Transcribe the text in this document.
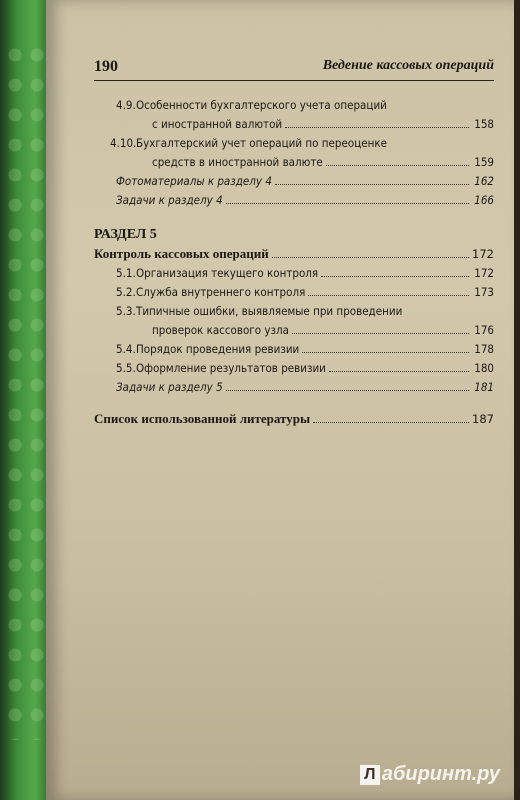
190	Ведение кассовых операций
4.9. Особенности бухгалтерского учета операций
с иностранной валютой	158
4.10. Бухгалтерский учет операций по переоценке
средств в иностранной валюте	159
Фотоматериалы к разделу 4	162
Задачи к разделу 4	166
РАЗДЕЛ 5
Контроль кассовых операций	172
5.1. Организация текущего контроля	172
5.2. Служба внутреннего контроля	173
5.3. Типичные ошибки, выявляемые при проведении
проверок кассового узла	176
5.4. Порядок проведения ревизии	178
5.5. Оформление результатов ревизии	180
Задачи к разделу 5	181
Список использованной литературы	187
Л абиринт.ру
